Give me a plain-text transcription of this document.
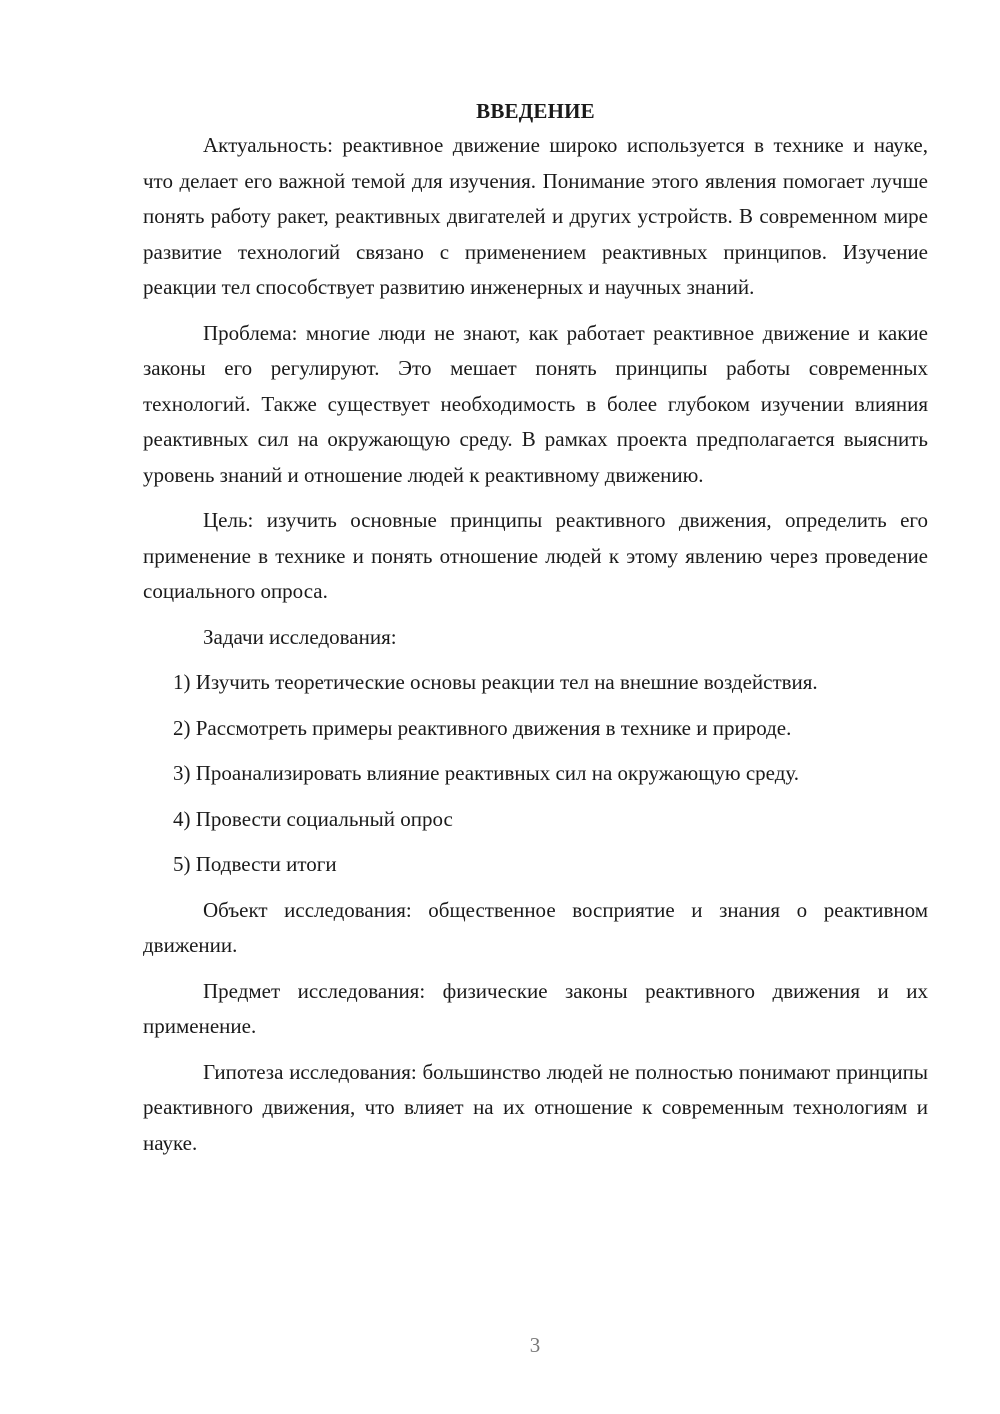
ВВЕДЕНИЕ

Актуальность: реактивное движение широко используется в технике и науке, что делает его важной темой для изучения. Понимание этого явления помогает лучше понять работу ракет, реактивных двигателей и других устройств. В современном мире развитие технологий связано с применением реактивных принципов. Изучение реакции тел способствует развитию инженерных и научных знаний.

Проблема: многие люди не знают, как работает реактивное движение и какие законы его регулируют. Это мешает понять принципы работы современных технологий. Также существует необходимость в более глубоком изучении влияния реактивных сил на окружающую среду. В рамках проекта предполагается выяснить уровень знаний и отношение людей к реактивному движению.

Цель: изучить основные принципы реактивного движения, определить его применение в технике и понять отношение людей к этому явлению через проведение социального опроса.

Задачи исследования:

1) Изучить теоретические основы реакции тел на внешние воздействия.

2) Рассмотреть примеры реактивного движения в технике и природе.

3) Проанализировать влияние реактивных сил на окружающую среду.

4) Провести социальный опрос

5) Подвести итоги

Объект исследования: общественное восприятие и знания о реактивном движении.

Предмет исследования: физические законы реактивного движения и их применение.

Гипотеза исследования: большинство людей не полностью понимают принципы реактивного движения, что влияет на их отношение к современным технологиям и науке.

3
